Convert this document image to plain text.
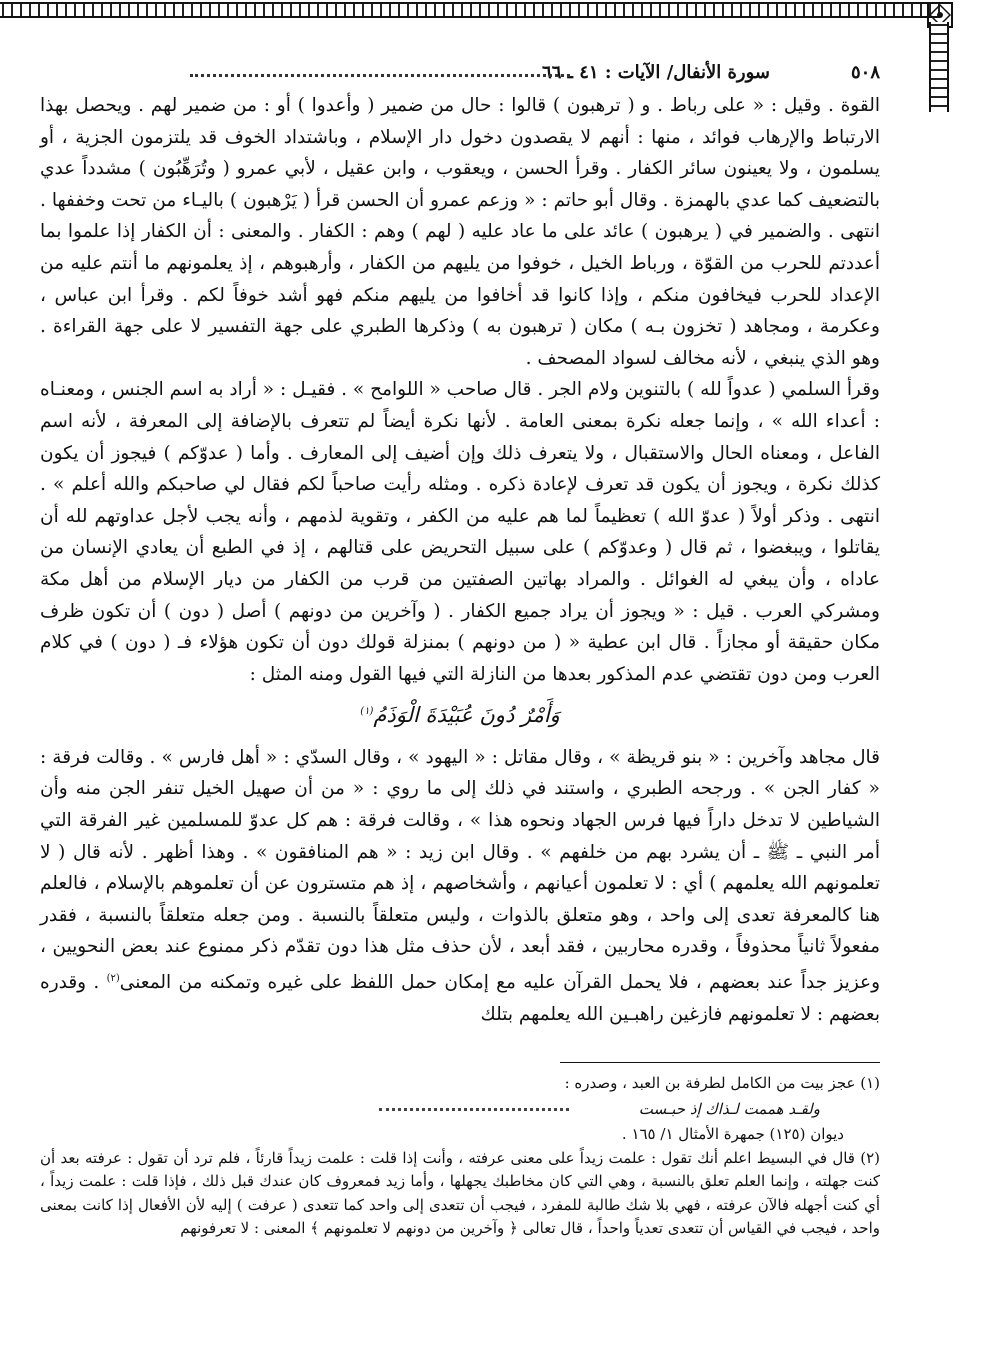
٥٠٨
سورة الأنفال/ الآيات : ٤١ ـ ٦٦

القوة . وقيل : « على رباط . و ( ترهبون ) قالوا : حال من ضمير ( وأعدوا ) أو : من ضمير لهم . ويحصل بهذا الارتباط والإرهاب فوائد ، منها : أنهم لا يقصدون دخول دار الإسلام ، وباشتداد الخوف قد يلتزمون الجزية ، أو يسلمون ، ولا يعينون سائر الكفار . وقرأ الحسن ، ويعقوب ، وابن عقيل ، لأبي عمرو ( وتُرَهِّبُون ) مشدداً عدي بالتضعيف كما عدي بالهمزة . وقال أبو حاتم : « وزعم عمرو أن الحسن قرأ ( يَرْهبون ) باليـاء من تحت وخففها . انتهى . والضمير في ( يرهبون ) عائد على ما عاد عليه ( لهم ) وهم : الكفار . والمعنى : أن الكفار إذا علموا بما أعددتم للحرب من القوّة ، ورباط الخيل ، خوفوا من يليهم من الكفار ، وأرهبوهم ، إذ يعلمونهم ما أنتم عليه من الإعداد للحرب فيخافون منكم ، وإذا كانوا قد أخافوا من يليهم منكم فهو أشد خوفاً لكم . وقرأ ابن عباس ، وعكرمة ، ومجاهد ( تخزون بـه ) مكان ( ترهبون به ) وذكرها الطبري على جهة التفسير لا على جهة القراءة . وهو الذي ينبغي ، لأنه مخالف لسواد المصحف .

وقرأ السلمي ( عدواً لله ) بالتنوين ولام الجر . قال صاحب « اللوامح » . فقيـل : « أراد به اسم الجنس ، ومعنـاه : أعداء الله » ، وإنما جعله نكرة بمعنى العامة . لأنها نكرة أيضاً لم تتعرف بالإضافة إلى المعرفة ، لأنه اسم الفاعل ، ومعناه الحال والاستقبال ، ولا يتعرف ذلك وإن أضيف إلى المعارف . وأما ( عدوّكم ) فيجوز أن يكون كذلك نكرة ، ويجوز أن يكون قد تعرف لإعادة ذكره . ومثله رأيت صاحباً لكم فقال لي صاحبكم والله أعلم » . انتهى . وذكر أولاً ( عدوّ الله ) تعظيماً لما هم عليه من الكفر ، وتقوية لذمهم ، وأنه يجب لأجل عداوتهم لله أن يقاتلوا ، ويبغضوا ، ثم قال ( وعدوّكم ) على سبيل التحريض على قتالهم ، إذ في الطبع أن يعادي الإنسان من عاداه ، وأن يبغي له الغوائل . والمراد بهاتين الصفتين من قرب من الكفار من ديار الإسلام من أهل مكة ومشركي العرب . قيل : « ويجوز أن يراد جميع الكفار . ( وآخرين من دونهم ) أصل ( دون ) أن تكون ظرف مكان حقيقة أو مجازاً . قال ابن عطية « ( من دونهم ) بمنزلة قولك دون أن تكون هؤلاء فـ ( دون ) في كلام العرب ومن دون تقتضي عدم المذكور بعدها من النازلة التي فيها القول ومنه المثل :

وَأَمْرٌ دُونَ عُبَيْدَةَ الْوَذَمُ$^{(١)}$

قال مجاهد وآخرين : « بنو قريظة » ، وقال مقاتل : « اليهود » ، وقال السدّي : « أهل فارس » . وقالت فرقة : « كفار الجن » . ورجحه الطبري ، واستند في ذلك إلى ما روي : « من أن صهيل الخيل تنفر الجن منه وأن الشياطين لا تدخل داراً فيها فرس الجهاد ونحوه هذا » ، وقالت فرقة : هم كل عدوّ للمسلمين غير الفرقة التي أمر النبي ـ ﷺ ـ أن يشرد بهم من خلفهم » . وقال ابن زيد : « هم المنافقون » . وهذا أظهر . لأنه قال ( لا تعلمونهم الله يعلمهم ) أي : لا تعلمون أعيانهم ، وأشخاصهم ، إذ هم متسترون عن أن تعلموهم بالإسلام ، فالعلم هنا كالمعرفة تعدى إلى واحد ، وهو متعلق بالذوات ، وليس متعلقاً بالنسبة . ومن جعله متعلقاً بالنسبة ، فقدر مفعولاً ثانياً محذوفاً ، وقدره محاربين ، فقد أبعد ، لأن حذف مثل هذا دون تقدّم ذكر ممنوع عند بعض النحويين ، وعزيز جداً عند بعضهم ، فلا يحمل القرآن عليه مع إمكان حمل اللفظ على غيره وتمكنه من المعنى$^{(٢)}$ . وقدره بعضهم : لا تعلمونهم فازغين راهبـين الله يعلمهم بتلك

(١) عجز بيت من الكامل لطرفة بن العبد ، وصدره :

ولقـد هممت لـذاك إذ حبـست

ديوان (١٢٥) جمهرة الأمثال ١/ ١٦٥ .

(٢) قال في البسيط اعلم أنك تقول : علمت زيداً على معنى عرفته ، وأنت إذا قلت : علمت زيداً قارئاً ، فلم ترد أن تقول : عرفته بعد أن كنت جهلته ، وإنما العلم تعلق بالنسبة ، وهي التي كان مخاطبك يجهلها ، وأما زيد فمعروف كان عندك قبل ذلك ، فإذا قلت : علمت زيداً ، أي كنت أجهله فالآن عرفته ، فهي بلا شك طالبة للمفرد ، فيجب أن تتعدى إلى واحد كما تتعدى ( عرفت ) إليه لأن الأفعال إذا كانت بمعنى واحد ، فيجب في القياس أن تتعدى تعدياً واحداً ، قال تعالى ﴿ وآخرين من دونهم لا تعلمونهم ﴾ المعنى : لا تعرفونهم
